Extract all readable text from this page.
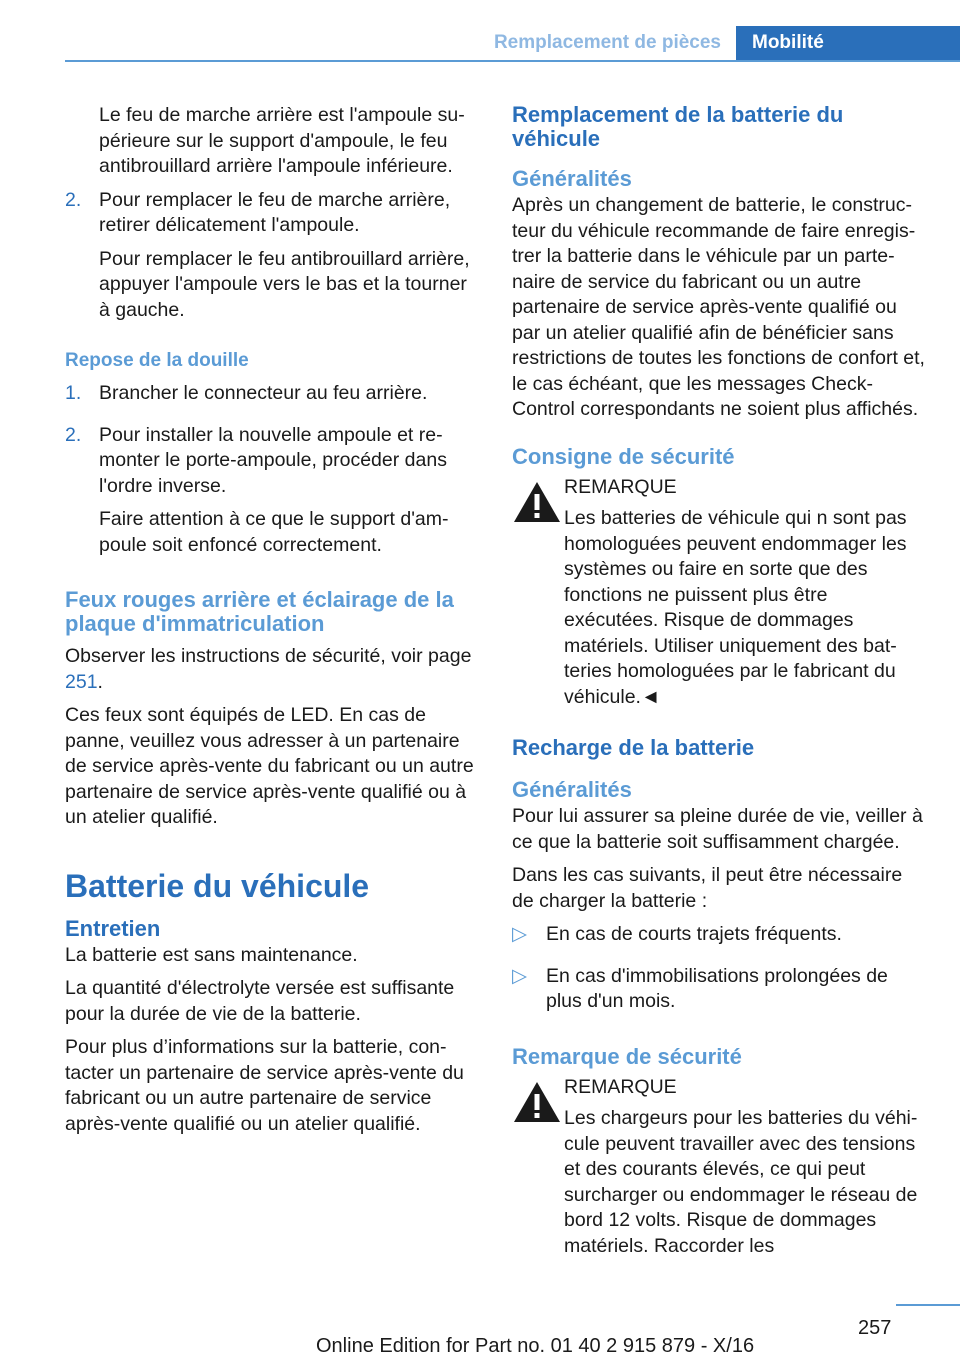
Remplacement de pièces	Mobilité

Le feu de marche arrière est l'ampoule supérieure sur le support d'ampoule, le feu antibrouillard arrière l'ampoule inférieure.

2. Pour remplacer le feu de marche arrière, retirer délicatement l'ampoule.

Pour remplacer le feu antibrouillard arrière, appuyer l'ampoule vers le bas et la tourner à gauche.

Repose de la douille
1. Brancher le connecteur au feu arrière.

2. Pour installer la nouvelle ampoule et remonter le porte-ampoule, procéder dans l'ordre inverse.

Faire attention à ce que le support d'ampoule soit enfoncé correctement.

Feux rouges arrière et éclairage de la plaque d'immatriculation

Observer les instructions de sécurité, voir page 251.

Ces feux sont équipés de LED. En cas de panne, veuillez vous adresser à un partenaire de service après-vente du fabricant ou un autre partenaire de service après-vente qualifié ou à un atelier qualifié.

Batterie du véhicule
Entretien

La batterie est sans maintenance.

La quantité d'électrolyte versée est suffisante pour la durée de vie de la batterie.

Pour plus d’informations sur la batterie, contacter un partenaire de service après-vente du fabricant ou un autre partenaire de service après-vente qualifié ou un atelier qualifié.

Remplacement de la batterie du véhicule
Généralités

Après un changement de batterie, le constructeur du véhicule recommande de faire enregistrer la batterie dans le véhicule par un partenaire de service du fabricant ou un autre partenaire de service après-vente qualifié ou par un atelier qualifié afin de bénéficier sans restrictions de toutes les fonctions de confort et, le cas échéant, que les messages Check-Control correspondants ne soient plus affichés.

Consigne de sécurité
REMARQUE
Les batteries de véhicule qui n sont pas homologuées peuvent endommager les systèmes ou faire en sorte que des fonctions ne puissent plus être exécutées. Risque de dommages matériels. Utiliser uniquement des batteries homologuées par le fabricant du véhicule.◄
Recharge de la batterie
Généralités

Pour lui assurer sa pleine durée de vie, veiller à ce que la batterie soit suffisamment chargée.

Dans les cas suivants, il peut être nécessaire de charger la batterie :

▷ En cas de courts trajets fréquents.

▷ En cas d'immobilisations prolongées de plus d'un mois.

Remarque de sécurité
REMARQUE
Les chargeurs pour les batteries du véhicule peuvent travailler avec des tensions et des courants élevés, ce qui peut surcharger ou endommager le réseau de bord 12 volts. Risque de dommages matériels. Raccorder les
257
Online Edition for Part no. 01 40 2 915 879 - X/16
